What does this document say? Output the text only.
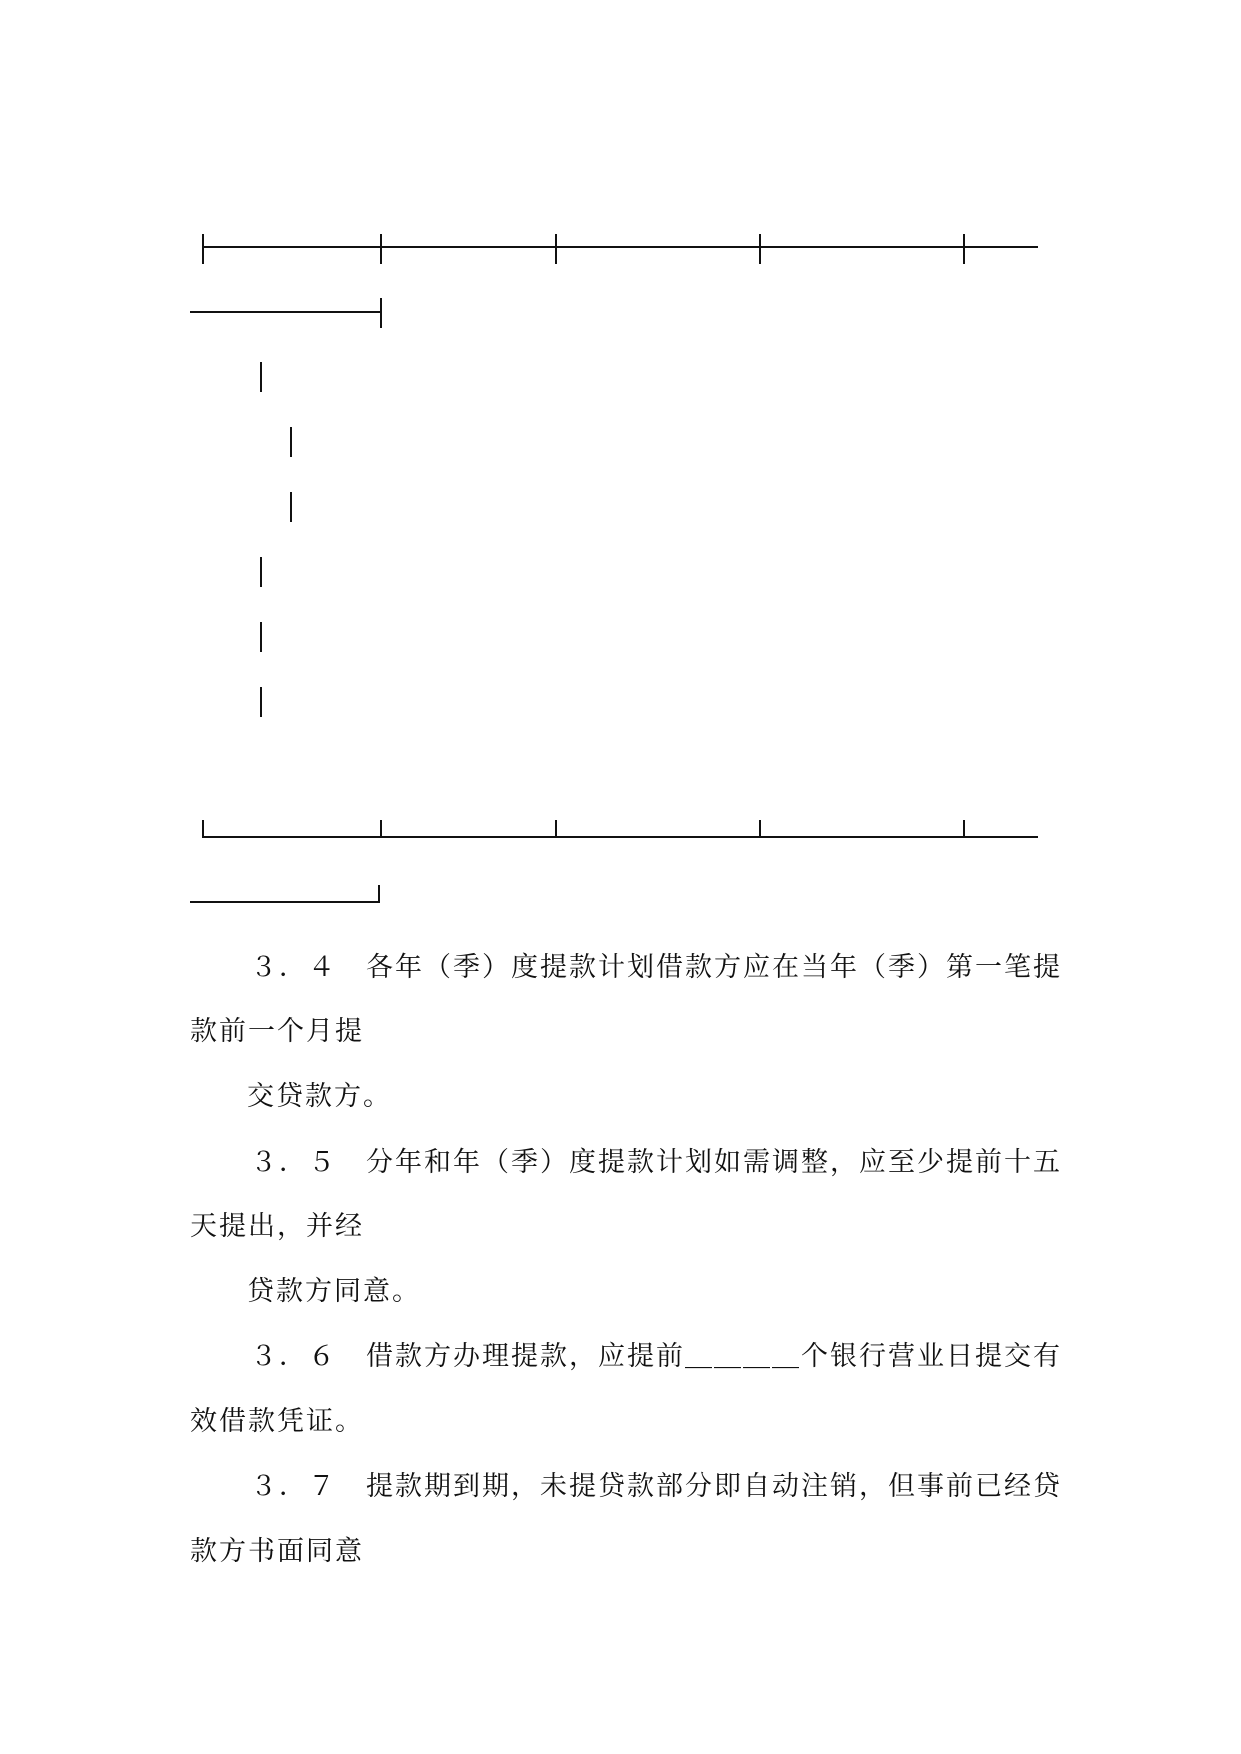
３．４　各年（季）度提款计划借款方应在当年（季）第一笔提

款前一个月提

交贷款方。

３．５　分年和年（季）度提款计划如需调整，应至少提前十五

天提出，并经

贷款方同意。

３．６　借款方办理提款，应提前＿＿＿＿个银行营业日提交有

效借款凭证。

３．７　提款期到期，未提贷款部分即自动注销，但事前已经贷

款方书面同意
